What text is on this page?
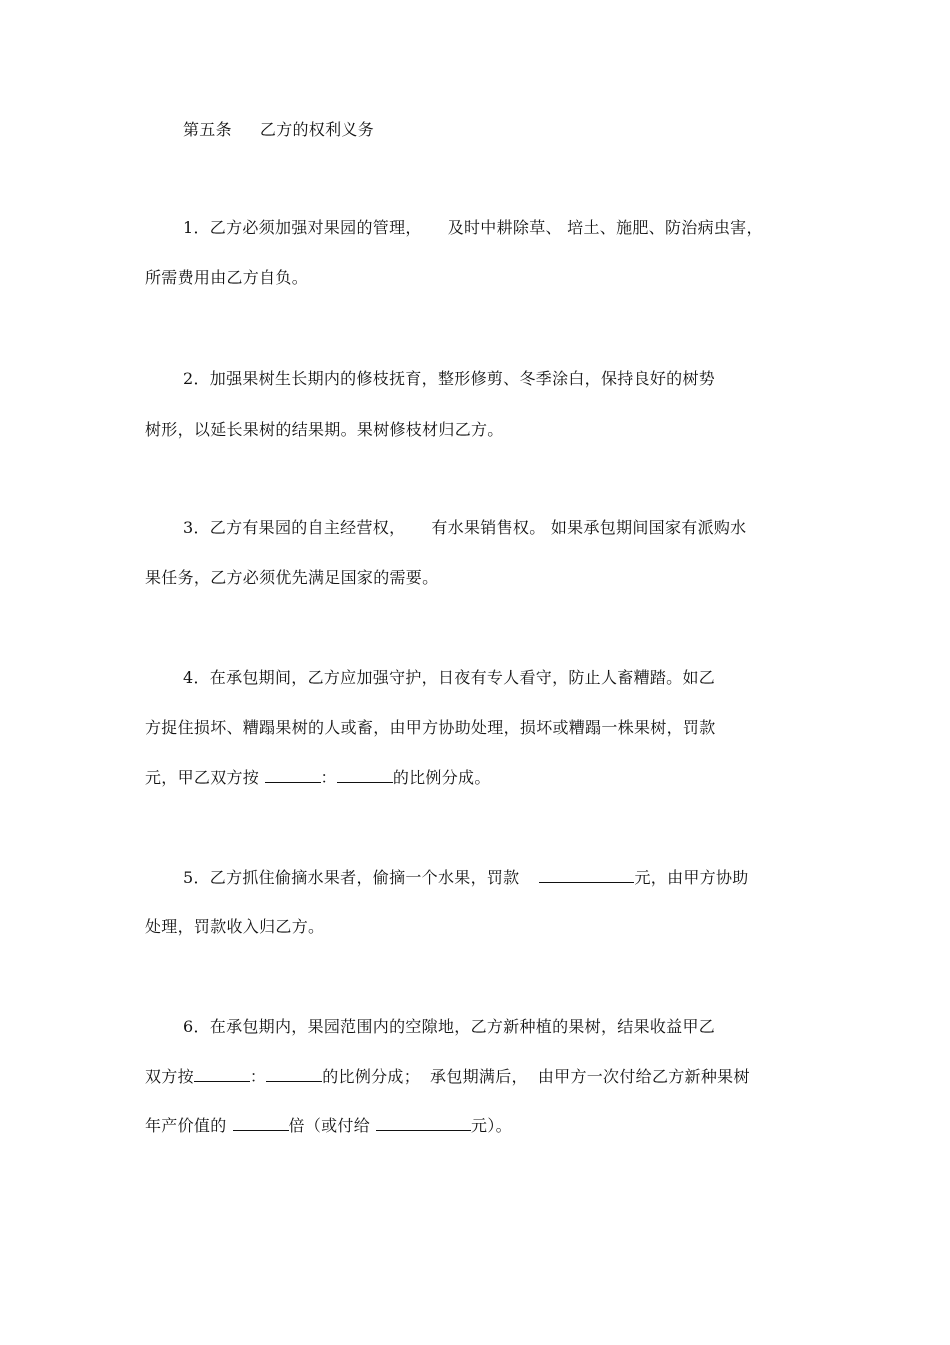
第五条 乙方的权利义务
1．乙方必须加强对果园的管理， 及时中耕除草、 培土、施肥、防治病虫害，
所需费用由乙方自负。
2．加强果树生长期内的修枝抚育，整形修剪、冬季涂白，保持良好的树势
树形，以延长果树的结果期。果树修枝材归乙方。
3．乙方有果园的自主经营权， 有水果销售权。 如果承包期间国家有派购水
果任务，乙方必须优先满足国家的需要。
4．在承包期间，乙方应加强守护，日夜有专人看守，防止人畜糟踏。如乙
方捉住损坏、糟蹋果树的人或畜，由甲方协助处理，损坏或糟蹋一株果树，罚款
元，甲乙双方按	：	的比例分成。
5．乙方抓住偷摘水果者，偷摘一个水果，罚款	元，由甲方协助
处理，罚款收入归乙方。
6．在承包期内，果园范围内的空隙地，乙方新种植的果树，结果收益甲乙
双方按	：	的比例分成； 承包期满后， 由甲方一次付给乙方新种果树
年产价值的	倍（或付给	元）。
